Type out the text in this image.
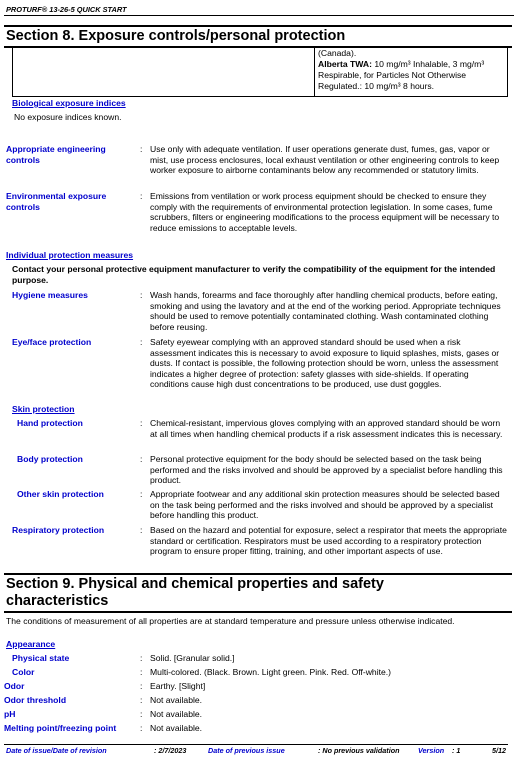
PROTURF® 13-26-5 QUICK START
Section 8. Exposure controls/personal protection
(Canada).
Alberta TWA: 10 mg/m³ Inhalable, 3 mg/m³
Respirable, for Particles Not Otherwise
Regulated.: 10 mg/m³ 8 hours.
Biological exposure indices
No exposure indices known.
Appropriate engineering controls
: Use only with adequate ventilation. If user operations generate dust, fumes, gas, vapor or mist, use process enclosures, local exhaust ventilation or other engineering controls to keep worker exposure to airborne contaminants below any recommended or statutory limits.
Environmental exposure controls
: Emissions from ventilation or work process equipment should be checked to ensure they comply with the requirements of environmental protection legislation. In some cases, fume scrubbers, filters or engineering modifications to the process equipment will be necessary to reduce emissions to acceptable levels.
Individual protection measures
Contact your personal protective equipment manufacturer to verify the compatibility of the equipment for the intended purpose.
Hygiene measures	: Wash hands, forearms and face thoroughly after handling chemical products, before eating, smoking and using the lavatory and at the end of the working period. Appropriate techniques should be used to remove potentially contaminated clothing. Wash contaminated clothing before reusing.
Eye/face protection	: Safety eyewear complying with an approved standard should be used when a risk assessment indicates this is necessary to avoid exposure to liquid splashes, mists, gases or dusts. If contact is possible, the following protection should be worn, unless the assessment indicates a higher degree of protection: safety glasses with side-shields. If operating conditions cause high dust concentrations to be produced, use dust goggles.
Skin protection
Hand protection	: Chemical-resistant, impervious gloves complying with an approved standard should be worn at all times when handling chemical products if a risk assessment indicates this is necessary.
Body protection	: Personal protective equipment for the body should be selected based on the task being performed and the risks involved and should be approved by a specialist before handling this product.
Other skin protection	: Appropriate footwear and any additional skin protection measures should be selected based on the task being performed and the risks involved and should be approved by a specialist before handling this product.
Respiratory protection	: Based on the hazard and potential for exposure, select a respirator that meets the appropriate standard or certification. Respirators must be used according to a respiratory protection program to ensure proper fitting, training, and other important aspects of use.
Section 9. Physical and chemical properties and safety
characteristics
The conditions of measurement of all properties are at standard temperature and pressure unless otherwise indicated.
Appearance
Physical state	: Solid. [Granular solid.]
Color	: Multi-colored. (Black. Brown. Light green. Pink. Red. Off-white.)
Odor	: Earthy. [Slight]
Odor threshold	: Not available.
pH	: Not available.
Melting point/freezing point	: Not available.
Date of issue/Date of revision	: 2/7/2023	Date of previous issue	: No previous validation	Version : 1	5/12
